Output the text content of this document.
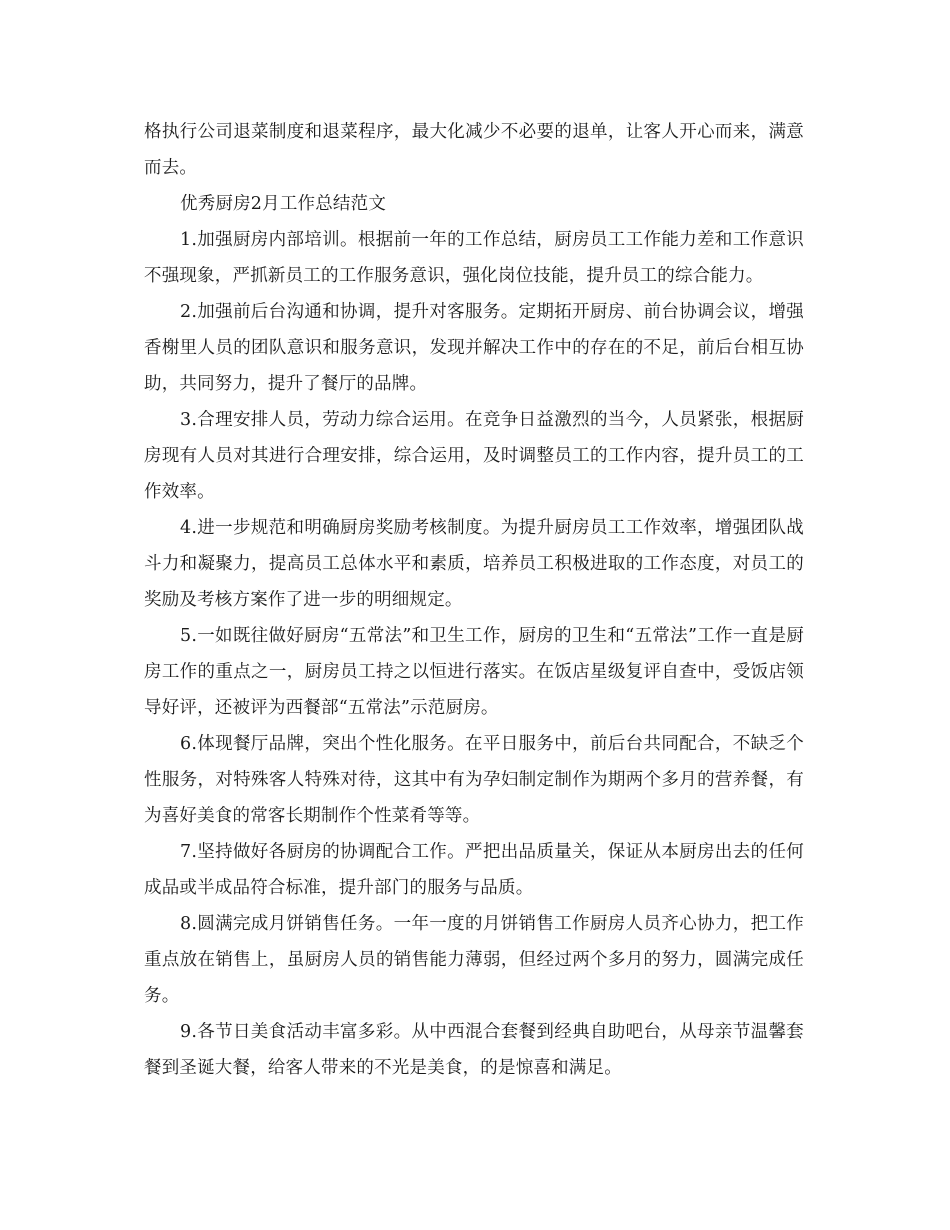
格执行公司退菜制度和退菜程序，最大化减少不必要的退单，让客人开心而来，满意而去。

优秀厨房2月工作总结范文

1.加强厨房内部培训。根据前一年的工作总结，厨房员工工作能力差和工作意识不强现象，严抓新员工的工作服务意识，强化岗位技能，提升员工的综合能力。

2.加强前后台沟通和协调，提升对客服务。定期拓开厨房、前台协调会议，增强香榭里人员的团队意识和服务意识，发现并解决工作中的存在的不足，前后台相互协助，共同努力，提升了餐厅的品牌。

3.合理安排人员，劳动力综合运用。在竞争日益激烈的当今，人员紧张，根据厨房现有人员对其进行合理安排，综合运用，及时调整员工的工作内容，提升员工的工作效率。

4.进一步规范和明确厨房奖励考核制度。为提升厨房员工工作效率，增强团队战斗力和凝聚力，提高员工总体水平和素质，培养员工积极进取的工作态度，对员工的奖励及考核方案作了进一步的明细规定。

5.一如既往做好厨房“五常法”和卫生工作，厨房的卫生和“五常法”工作一直是厨房工作的重点之一，厨房员工持之以恒进行落实。在饭店星级复评自查中，受饭店领导好评，还被评为西餐部“五常法”示范厨房。

6.体现餐厅品牌，突出个性化服务。在平日服务中，前后台共同配合，不缺乏个性服务，对特殊客人特殊对待，这其中有为孕妇制定制作为期两个多月的营养餐，有为喜好美食的常客长期制作个性菜肴等等。

7.坚持做好各厨房的协调配合工作。严把出品质量关，保证从本厨房出去的任何成品或半成品符合标准，提升部门的服务与品质。

8.圆满完成月饼销售任务。一年一度的月饼销售工作厨房人员齐心协力，把工作重点放在销售上，虽厨房人员的销售能力薄弱，但经过两个多月的努力，圆满完成任务。

9.各节日美食活动丰富多彩。从中西混合套餐到经典自助吧台，从母亲节温馨套餐到圣诞大餐，给客人带来的不光是美食，的是惊喜和满足。
